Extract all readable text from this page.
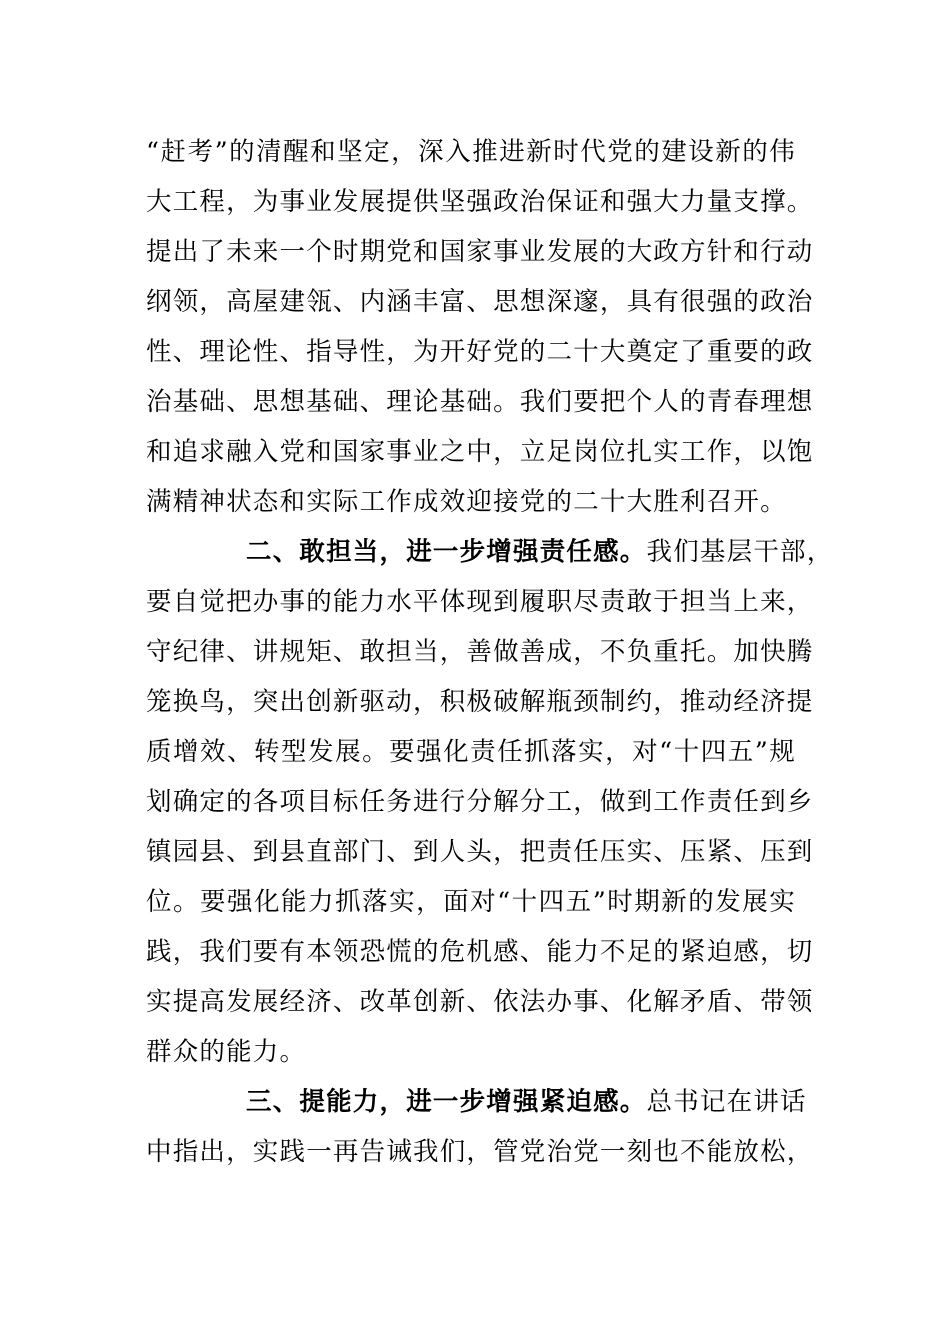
“赶考”的清醒和坚定，深入推进新时代党的建设新的伟
大工程，为事业发展提供坚强政治保证和强大力量支撑。
提出了未来一个时期党和国家事业发展的大政方针和行动
纲领，高屋建瓴、内涵丰富、思想深邃，具有很强的政治
性、理论性、指导性，为开好党的二十大奠定了重要的政
治基础、思想基础、理论基础。我们要把个人的青春理想
和追求融入党和国家事业之中，立足岗位扎实工作，以饱
满精神状态和实际工作成效迎接党的二十大胜利召开。
二、敢担当，进一步增强责任感。我们基层干部，
要自觉把办事的能力水平体现到履职尽责敢于担当上来，
守纪律、讲规矩、敢担当，善做善成，不负重托。加快腾
笼换鸟，突出创新驱动，积极破解瓶颈制约，推动经济提
质增效、转型发展。要强化责任抓落实，对“十四五”规
划确定的各项目标任务进行分解分工，做到工作责任到乡
镇园县、到县直部门、到人头，把责任压实、压紧、压到
位。要强化能力抓落实，面对“十四五”时期新的发展实
践，我们要有本领恐慌的危机感、能力不足的紧迫感，切
实提高发展经济、改革创新、依法办事、化解矛盾、带领
群众的能力。
三、提能力，进一步增强紧迫感。总书记在讲话
中指出，实践一再告诫我们，管党治党一刻也不能放松，
